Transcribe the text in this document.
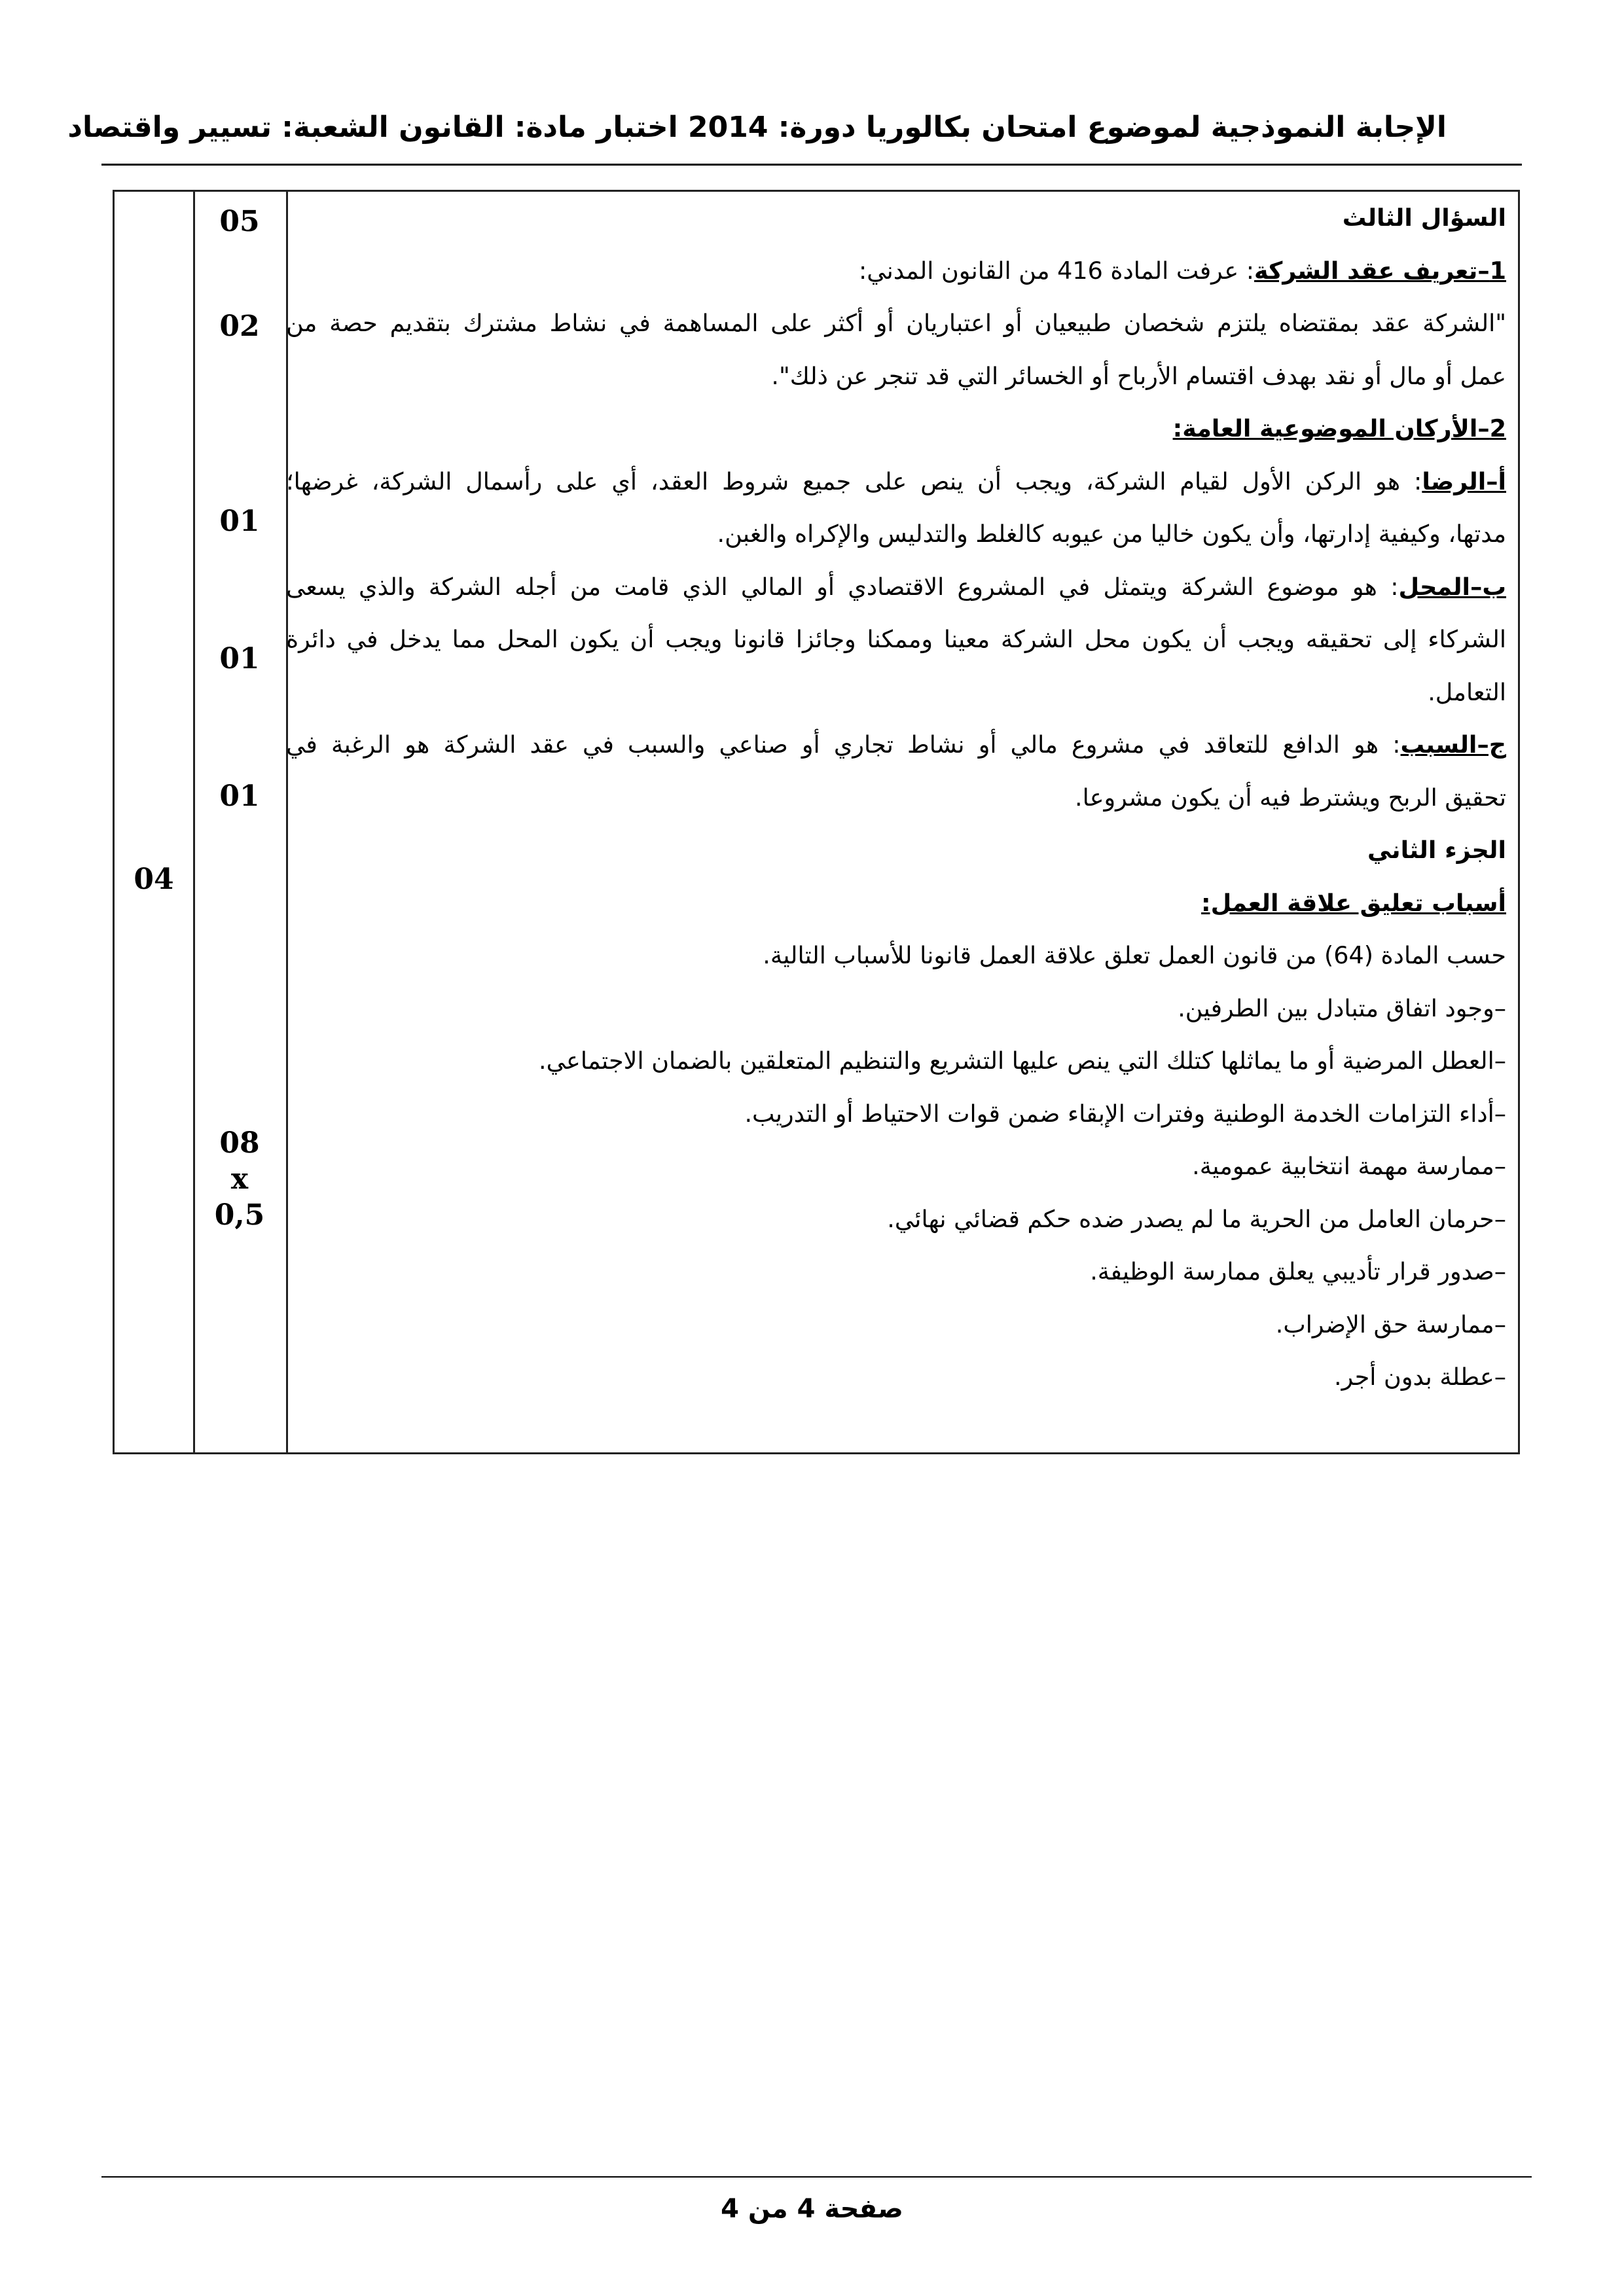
الإجابة النموذجية لموضوع امتحان بكالوريا دورة: 2014 اختبار مادة: القانون الشعبة: تسيير واقتصاد
04
05
02
01
01
01
08
x
0,5
السؤال الثالث
1–تعريف عقد الشركة: عرفت المادة 416 من القانون المدني:
"الشركة عقد بمقتضاه يلتزم شخصان طبيعيان أو اعتباريان أو أكثر على المساهمة في نشاط مشترك بتقديم حصة من
عمل أو مال أو نقد بهدف اقتسام الأرباح أو الخسائر التي قد تنجر عن ذلك".
2–الأركان الموضوعية العامة:
أ–الرضا: هو الركن الأول لقيام الشركة، ويجب أن ينص على جميع شروط العقد، أي على رأسمال الشركة، غرضها؛
مدتها، وكيفية إدارتها، وأن يكون خاليا من عيوبه كالغلط والتدليس والإكراه والغبن.
ب–المحل: هو موضوع الشركة ويتمثل في المشروع الاقتصادي أو المالي الذي قامت من أجله الشركة والذي يسعى
الشركاء إلى تحقيقه ويجب أن يكون محل الشركة معينا وممكنا وجائزا قانونا ويجب أن يكون المحل مما يدخل في دائرة
التعامل.
ج–السبب: هو الدافع للتعاقد في مشروع مالي أو نشاط تجاري أو صناعي والسبب في عقد الشركة هو الرغبة في
تحقيق الربح ويشترط فيه أن يكون مشروعا.
الجزء الثاني
أسباب تعليق علاقة العمل:
حسب المادة (64) من قانون العمل تعلق علاقة العمل قانونا للأسباب التالية.
–وجود اتفاق متبادل بين الطرفين.
–العطل المرضية أو ما يماثلها كتلك التي ينص عليها التشريع والتنظيم المتعلقين بالضمان الاجتماعي.
–أداء التزامات الخدمة الوطنية وفترات الإبقاء ضمن قوات الاحتياط أو التدريب.
–ممارسة مهمة انتخابية عمومية.
–حرمان العامل من الحرية ما لم يصدر ضده حكم قضائي نهائي.
–صدور قرار تأديبي يعلق ممارسة الوظيفة.
–ممارسة حق الإضراب.
–عطلة بدون أجر.
صفحة 4 من 4
